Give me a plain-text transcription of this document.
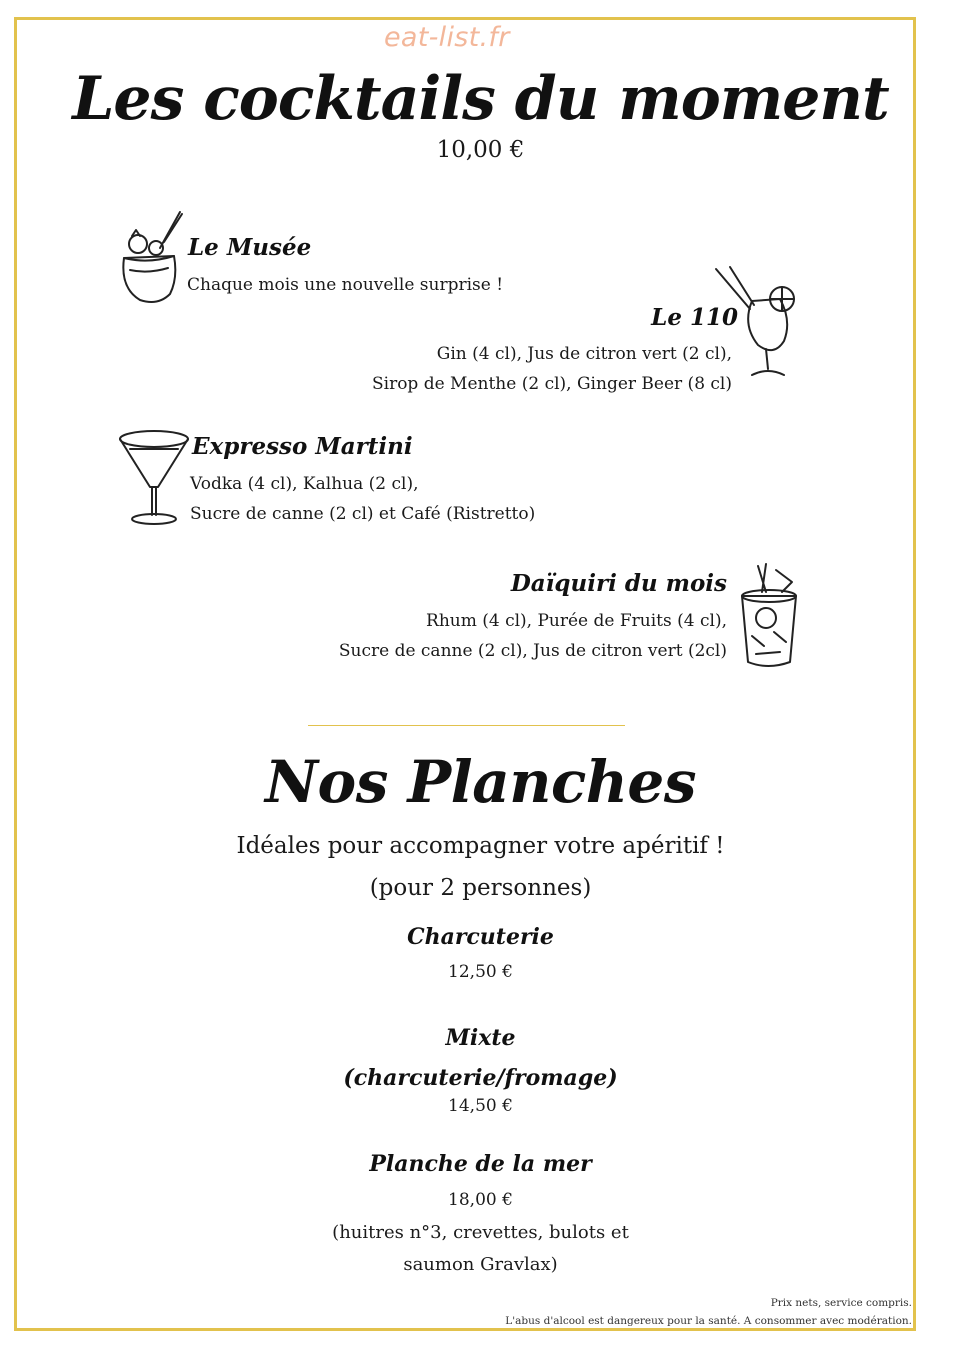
eat-list.fr
Les cocktails du moment
10,00 €
Le Musée
Chaque mois une nouvelle surprise !
Le 110
Gin (4 cl), Jus de citron vert (2 cl),
Sirop de Menthe (2 cl), Ginger Beer (8 cl)
Expresso Martini
Vodka (4 cl), Kalhua (2 cl),
Sucre de canne (2 cl) et Café (Ristretto)
Daïquiri du mois
Rhum (4 cl), Purée de Fruits (4 cl),
Sucre de canne (2 cl), Jus de citron vert (2cl)
Nos Planches
Idéales pour accompagner votre apéritif !
(pour 2 personnes)
Charcuterie
12,50 €
Mixte
(charcuterie/fromage)
14,50 €
Planche de la mer
18,00 €
(huitres n°3, crevettes, bulots et
saumon Gravlax)
Prix nets, service compris.
L'abus d'alcool est dangereux pour la santé. A consommer avec modération.
